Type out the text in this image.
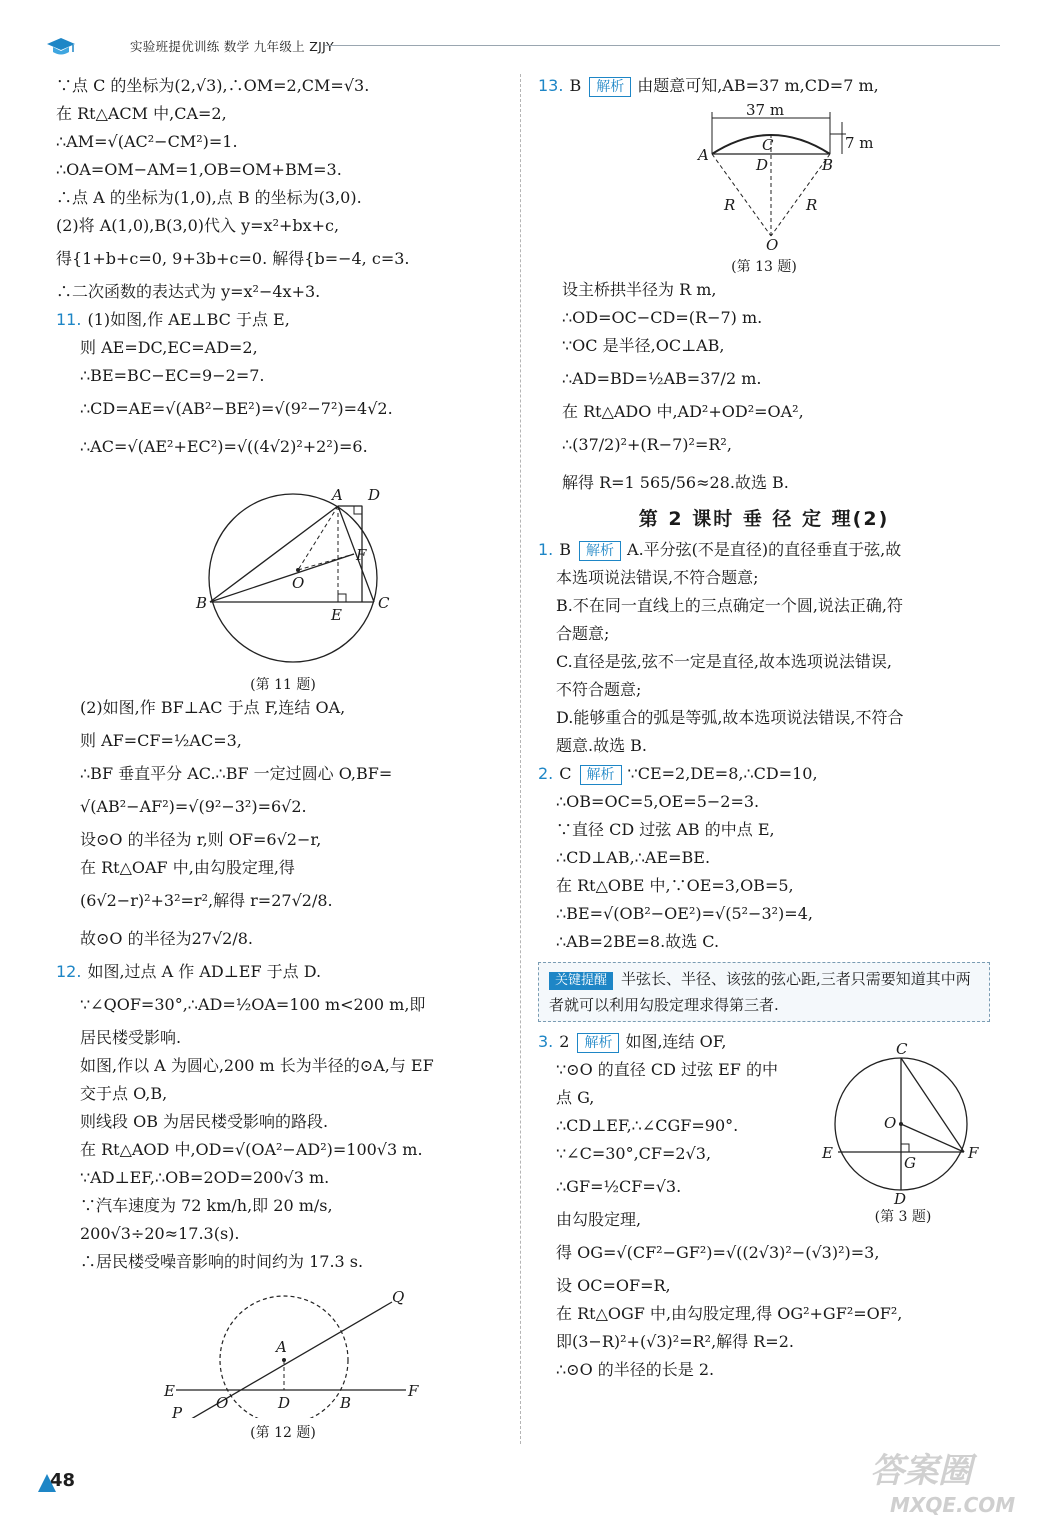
实验班提优训练 数学 九年级上 ZJJY
∵点 C 的坐标为(2,√3),∴OM=2,CM=√3.
在 Rt△ACM 中,CA=2,
∴AM=√(AC²−CM²)=1.
∴OA=OM−AM=1,OB=OM+BM=3.
∴点 A 的坐标为(1,0),点 B 的坐标为(3,0).
(2)将 A(1,0),B(3,0)代入 y=x²+bx+c,
得{1+b+c=0, 9+3b+c=0. 解得{b=−4, c=3.
∴二次函数的表达式为 y=x²−4x+3.
11. (1)如图,作 AE⊥BC 于点 E,
则 AE=DC,EC=AD=2,
∴BE=BC−EC=9−2=7.
∴CD=AE=√(AB²−BE²)=√(9²−7²)=4√2.
∴AC=√(AE²+EC²)=√((4√2)²+2²)=6.
A D
B	C
F
O
E
(第 11 题)
(2)如图,作 BF⊥AC 于点 F,连结 OA,
则 AF=CF=½AC=3,
∴BF 垂直平分 AC.∴BF 一定过圆心 O,BF=
√(AB²−AF²)=√(9²−3²)=6√2.
设⊙O 的半径为 r,则 OF=6√2−r,
在 Rt△OAF 中,由勾股定理,得
(6√2−r)²+3²=r²,解得 r=27√2/8.
故⊙O 的半径为27√2/8.
12. 如图,过点 A 作 AD⊥EF 于点 D.
∵∠QOF=30°,∴AD=½OA=100 m<200 m,即
居民楼受影响.
如图,作以 A 为圆心,200 m 长为半径的⊙A,与 EF
交于点 O,B,
则线段 OB 为居民楼受影响的路段.
在 Rt△AOD 中,OD=√(OA²−AD²)=100√3 m.
∵AD⊥EF,∴OB=2OD=200√3 m.
∵汽车速度为 72 km/h,即 20 m/s,
200√3÷20≈17.3(s).
∴居民楼受噪音影响的时间约为 17.3 s.
E	F
P
Q
A
O	D	B
(第 12 题)
13. B 解析 由题意可知,AB=37 m,CD=7 m,
37 m
7 m
A
B
C
D
R	R
O
(第 13 题)
设主桥拱半径为 R m,
∴OD=OC−CD=(R−7) m.
∵OC 是半径,OC⊥AB,
∴AD=BD=½AB=37/2 m.
在 Rt△ADO 中,AD²+OD²=OA²,
∴(37/2)²+(R−7)²=R²,
解得 R=1 565/56≈28.故选 B.
第 2 课时 垂 径 定 理(2)
1. B 解析 A.平分弦(不是直径)的直径垂直于弦,故
本选项说法错误,不符合题意;
B.不在同一直线上的三点确定一个圆,说法正确,符
合题意;
C.直径是弦,弦不一定是直径,故本选项说法错误,
不符合题意;
D.能够重合的弧是等弧,故本选项说法错误,不符合
题意.故选 B.
2. C 解析 ∵CE=2,DE=8,∴CD=10,
∴OB=OC=5,OE=5−2=3.
∵直径 CD 过弦 AB 的中点 E,
∴CD⊥AB,∴AE=BE.
在 Rt△OBE 中,∵OE=3,OB=5,
∴BE=√(OB²−OE²)=√(5²−3²)=4,
∴AB=2BE=8.故选 C.
关键提醒 半弦长、半径、该弦的弦心距,三者只需要知道其中两者就可以利用勾股定理求得第三者.
3. 2 解析 如图,连结 OF,
∵⊙O 的直径 CD 过弦 EF 的中
点 G,
∴CD⊥EF,∴∠CGF=90°.
∵∠C=30°,CF=2√3,
∴GF=½CF=√3.
由勾股定理,
C
O
E	F
G
D
(第 3 题)
得 OG=√(CF²−GF²)=√((2√3)²−(√3)²)=3,
设 OC=OF=R,
在 Rt△OGF 中,由勾股定理,得 OG²+GF²=OF²,
即(3−R)²+(√3)²=R²,解得 R=2.
∴⊙O 的半径的长是 2.
48	答案圈
MXQE.COM
